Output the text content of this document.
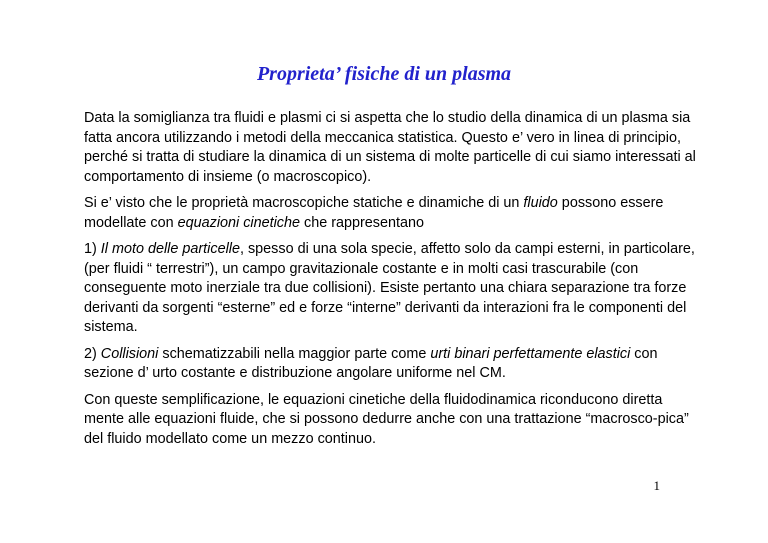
Proprieta’ fisiche di un plasma

Data la somiglianza tra fluidi e plasmi ci si aspetta che lo studio della dinamica di un plasma sia fatta ancora utilizzando i metodi della meccanica statistica. Questo e’ vero in linea di principio, perché si tratta di studiare la dinamica di un sistema di molte particelle di cui siamo interessati al comportamento di insieme (o macroscopico).

Si e’ visto che le proprietà macroscopiche statiche e dinamiche di un fluido possono essere modellate con equazioni cinetiche che rappresentano

1) Il moto delle particelle, spesso di una sola specie, affetto solo da campi esterni, in particolare, (per fluidi “ terrestri”), un campo gravitazionale costante e in molti casi trascurabile (con conseguente moto inerziale tra due collisioni). Esiste pertanto una chiara separazione tra forze derivanti da sorgenti “esterne” ed e forze “interne” derivanti da interazioni fra le componenti del sistema.

2) Collisioni schematizzabili nella maggior parte come urti binari perfettamente elastici con sezione d’ urto costante e distribuzione angolare uniforme nel CM.

Con queste semplificazione, le equazioni cinetiche della fluidodinamica riconducono diretta mente alle equazioni fluide, che si possono dedurre anche con una trattazione “macrosco-pica” del fluido modellato come un mezzo continuo.

1
